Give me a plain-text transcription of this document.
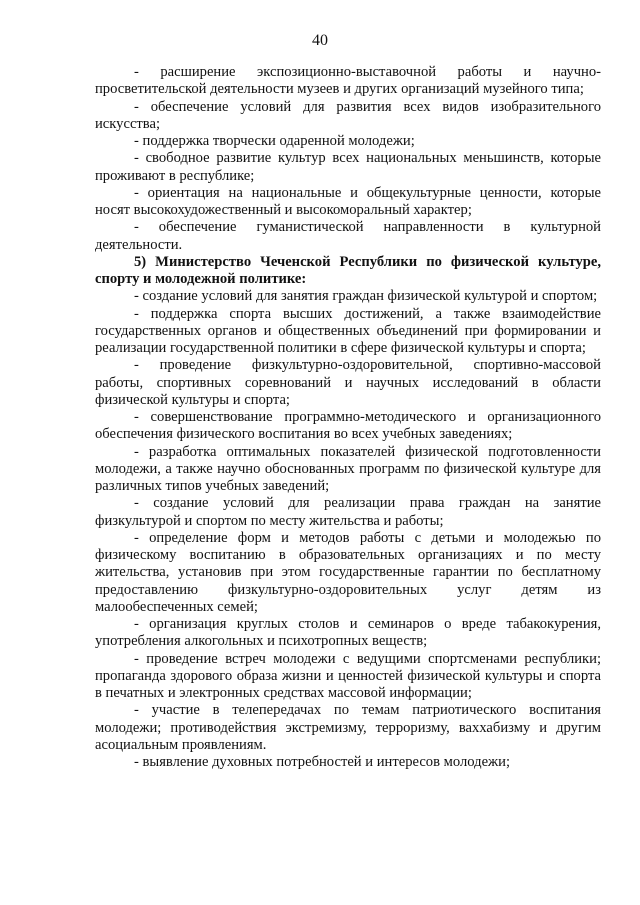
40

- расширение экспозиционно-выставочной работы и научно-просветительской деятельности музеев и других организаций музейного типа;

- обеспечение условий для развития всех видов изобразительного искусства;

- поддержка творчески одаренной молодежи;

- свободное развитие культур всех национальных меньшинств, которые проживают в республике;

- ориентация на национальные и общекультурные ценности, которые носят высокохудожественный и высокоморальный характер;

- обеспечение гуманистической направленности в культурной деятельности.

5) Министерство Чеченской Республики по физической культуре, спорту и молодежной политике:

- создание условий для занятия граждан физической культурой и спортом;

- поддержка спорта высших достижений, а также взаимодействие государственных органов и общественных объединений при формировании и реализации государственной политики в сфере физической культуры и спорта;

- проведение физкультурно-оздоровительной, спортивно-массовой работы, спортивных соревнований и научных исследований в области физической культуры и спорта;

- совершенствование программно-методического и организационного обеспечения физического воспитания во всех учебных заведениях;

- разработка оптимальных показателей физической подготовленности молодежи, а также научно обоснованных программ по физической культуре для различных типов учебных заведений;

- создание условий для реализации права граждан на занятие физкультурой и спортом по месту жительства и работы;

- определение форм и методов работы с детьми и молодежью по физическому воспитанию в образовательных организациях и по месту жительства, установив при этом государственные гарантии по бесплатному предоставлению физкультурно-оздоровительных услуг детям из малообеспеченных семей;

- организация круглых столов и семинаров о вреде табакокурения, употребления алкогольных и психотропных веществ;

- проведение встреч молодежи с ведущими спортсменами республики; пропаганда здорового образа жизни и ценностей физической культуры и спорта в печатных и электронных средствах массовой информации;

- участие в телепередачах по темам патриотического воспитания молодежи; противодействия экстремизму, терроризму, ваххабизму и другим асоциальным проявлениям.

- выявление духовных потребностей и интересов молодежи;
